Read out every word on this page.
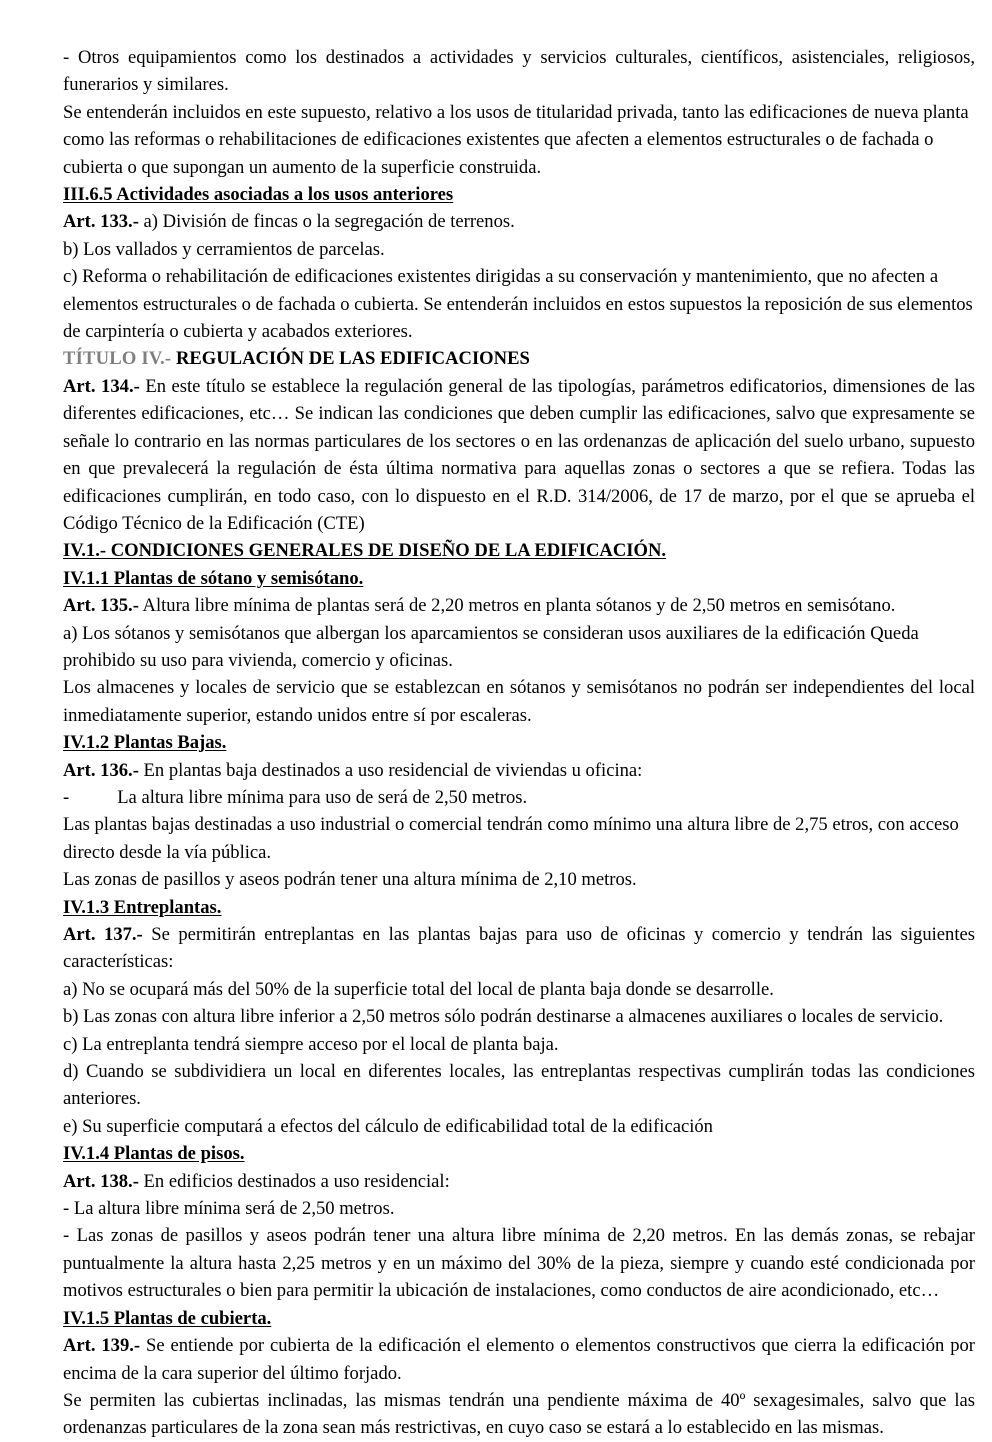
- Otros equipamientos como los destinados a actividades y servicios culturales, científicos, asistenciales, religiosos, funerarios y similares.

Se entenderán incluidos en este supuesto, relativo a los usos de titularidad privada, tanto las edificaciones de nueva planta como las reformas o rehabilitaciones de edificaciones existentes que afecten a elementos estructurales o de fachada o cubierta o que supongan un aumento de la superficie construida.

III.6.5 Actividades asociadas a los usos anteriores

Art. 133.- a) División de fincas o la segregación de terrenos.

b) Los vallados y cerramientos de parcelas.

c) Reforma o rehabilitación de edificaciones existentes dirigidas a su conservación y mantenimiento, que no afecten a elementos estructurales o de fachada o cubierta. Se entenderán incluidos en estos supuestos la reposición de sus elementos de carpintería o cubierta y acabados exteriores.

TÍTULO IV.- REGULACIÓN DE LAS EDIFICACIONES

Art. 134.- En este título se establece la regulación general de las tipologías, parámetros edificatorios, dimensiones de las diferentes edificaciones, etc… Se indican las condiciones que deben cumplir las edificaciones, salvo que expresamente se señale lo contrario en las normas particulares de los sectores o en las ordenanzas de aplicación del suelo urbano, supuesto en que prevalecerá la regulación de ésta última normativa para aquellas zonas o sectores a que se refiera. Todas las edificaciones cumplirán, en todo caso, con lo dispuesto en el R.D. 314/2006, de 17 de marzo, por el que se aprueba el Código Técnico de la Edificación (CTE)

IV.1.- CONDICIONES GENERALES DE DISEÑO DE LA EDIFICACIÓN.

IV.1.1 Plantas de sótano y semisótano.

Art. 135.- Altura libre mínima de plantas será de 2,20 metros en planta sótanos y de 2,50 metros en semisótano.

a) Los sótanos y semisótanos que albergan los aparcamientos se consideran usos auxiliares de la edificación Queda prohibido su uso para vivienda, comercio y oficinas.

Los almacenes y locales de servicio que se establezcan en sótanos y semisótanos no podrán ser independientes del local inmediatamente superior, estando unidos entre sí por escaleras.

IV.1.2 Plantas Bajas.

Art. 136.- En plantas baja destinados a uso residencial de viviendas u oficina:

-	La altura libre mínima para uso de será de 2,50 metros.

Las plantas bajas destinadas a uso industrial o comercial tendrán como mínimo una altura libre de 2,75 etros, con acceso directo desde la vía pública.

Las zonas de pasillos y aseos podrán tener una altura mínima de 2,10 metros.

IV.1.3 Entreplantas.

Art. 137.- Se permitirán entreplantas en las plantas bajas para uso de oficinas y comercio y tendrán las siguientes características:

a) No se ocupará más del 50% de la superficie total del local de planta baja donde se desarrolle.

b) Las zonas con altura libre inferior a 2,50 metros sólo podrán destinarse a almacenes auxiliares o locales de servicio.

c) La entreplanta tendrá siempre acceso por el local de planta baja.

d) Cuando se subdividiera un local en diferentes locales, las entreplantas respectivas cumplirán todas las condiciones anteriores.

e) Su superficie computará a efectos del cálculo de edificabilidad total de la edificación

IV.1.4 Plantas de pisos.

Art. 138.- En edificios destinados a uso residencial:

- La altura libre mínima será de 2,50 metros.

- Las zonas de pasillos y aseos podrán tener una altura libre mínima de 2,20 metros. En las demás zonas, se rebajar puntualmente la altura hasta 2,25 metros y en un máximo del 30% de la pieza, siempre y cuando esté condicionada por motivos estructurales o bien para permitir la ubicación de instalaciones, como conductos de aire acondicionado, etc…

IV.1.5 Plantas de cubierta.

Art. 139.- Se entiende por cubierta de la edificación el elemento o elementos constructivos que cierra la edificación por encima de la cara superior del último forjado.

Se permiten las cubiertas inclinadas, las mismas tendrán una pendiente máxima de 40º sexagesimales, salvo que las ordenanzas particulares de la zona sean más restrictivas, en cuyo caso se estará a lo establecido en las mismas.
